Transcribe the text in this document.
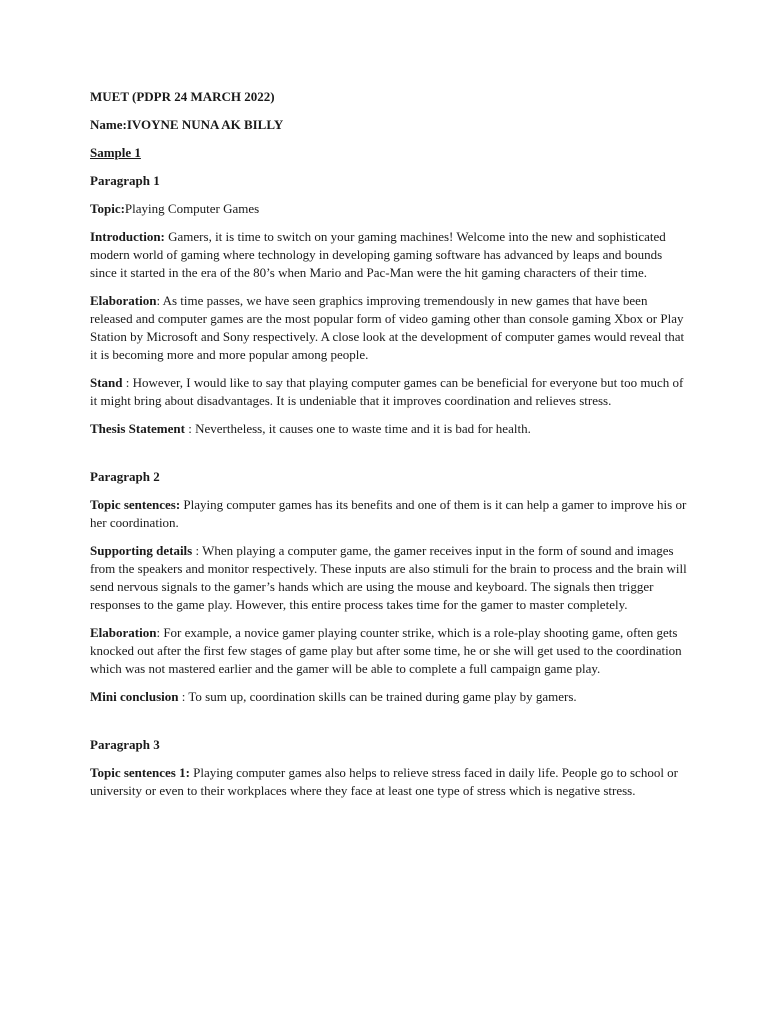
MUET (PDPR 24 MARCH 2022)

Name:IVOYNE NUNA AK BILLY

Sample 1

Paragraph 1

Topic:Playing Computer Games

Introduction: Gamers, it is time to switch on your gaming machines! Welcome into the new and sophisticated modern world of gaming where technology in developing gaming software has advanced by leaps and bounds since it started in the era of the 80’s when Mario and Pac-Man were the hit gaming characters of their time.

Elaboration: As time passes, we have seen graphics improving tremendously in new games that have been released and computer games are the most popular form of video gaming other than console gaming Xbox or Play Station by Microsoft and Sony respectively. A close look at the development of computer games would reveal that it is becoming more and more popular among people.

Stand : However, I would like to say that playing computer games can be beneficial for everyone but too much of it might bring about disadvantages. It is undeniable that it improves coordination and relieves stress.

Thesis Statement : Nevertheless, it causes one to waste time and it is bad for health.

Paragraph 2

Topic sentences: Playing computer games has its benefits and one of them is it can help a gamer to improve his or her coordination.

Supporting details : When playing a computer game, the gamer receives input in the form of sound and images from the speakers and monitor respectively. These inputs are also stimuli for the brain to process and the brain will send nervous signals to the gamer’s hands which are using the mouse and keyboard. The signals then trigger responses to the game play. However, this entire process takes time for the gamer to master completely.

Elaboration: For example, a novice gamer playing counter strike, which is a role-play shooting game, often gets knocked out after the first few stages of game play but after some time, he or she will get used to the coordination which was not mastered earlier and the gamer will be able to complete a full campaign game play.

Mini conclusion : To sum up, coordination skills can be trained during game play by gamers.

Paragraph 3

Topic sentences 1: Playing computer games also helps to relieve stress faced in daily life. People go to school or university or even to their workplaces where they face at least one type of stress which is negative stress.
